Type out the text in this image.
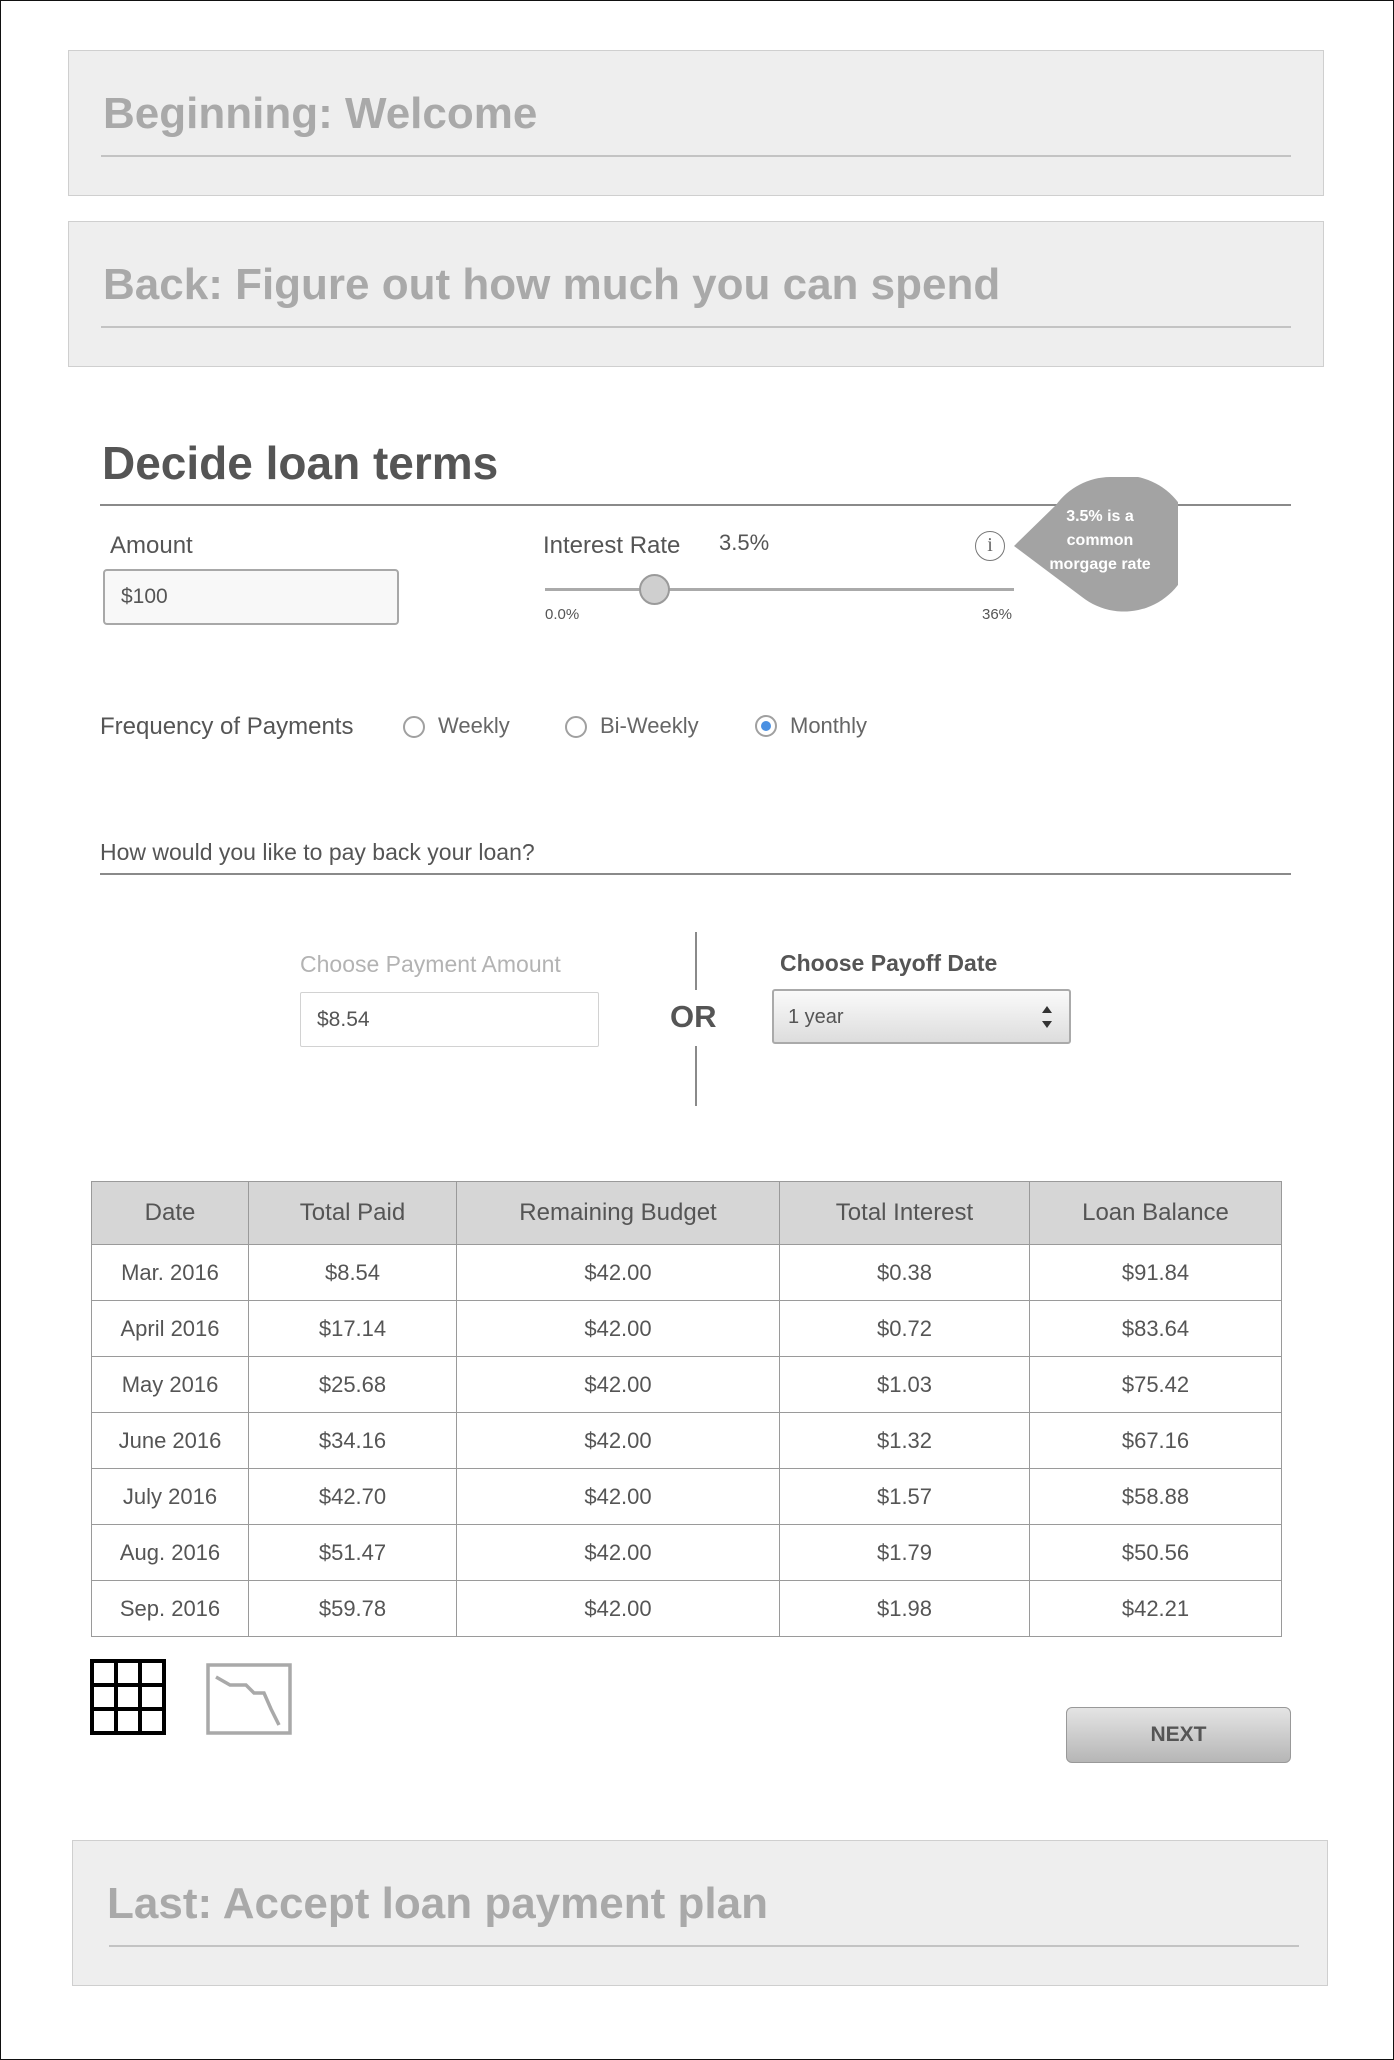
Beginning: Welcome
Back: Figure out how much you can spend
Decide loan terms
Amount
$100	Interest Rate 3.5%	i
0.0%	36%
3.5% is a
common
morgage rate
Frequency of Payments	Weekly	Bi-Weekly	Monthly
How would you like to pay back your loan?
Choose Payment Amount
$8.54
OR
Choose Payoff Date
1 year
Date	Total Paid	Remaining Budget	Total Interest	Loan Balance
Mar. 2016	$8.54	$42.00	$0.38	$91.84
April 2016	$17.14	$42.00	$0.72	$83.64
May 2016	$25.68	$42.00	$1.03	$75.42
June 2016	$34.16	$42.00	$1.32	$67.16
July 2016	$42.70	$42.00	$1.57	$58.88
Aug. 2016	$51.47	$42.00	$1.79	$50.56
Sep. 2016	$59.78	$42.00	$1.98	$42.21
NEXT
Last: Accept loan payment plan
